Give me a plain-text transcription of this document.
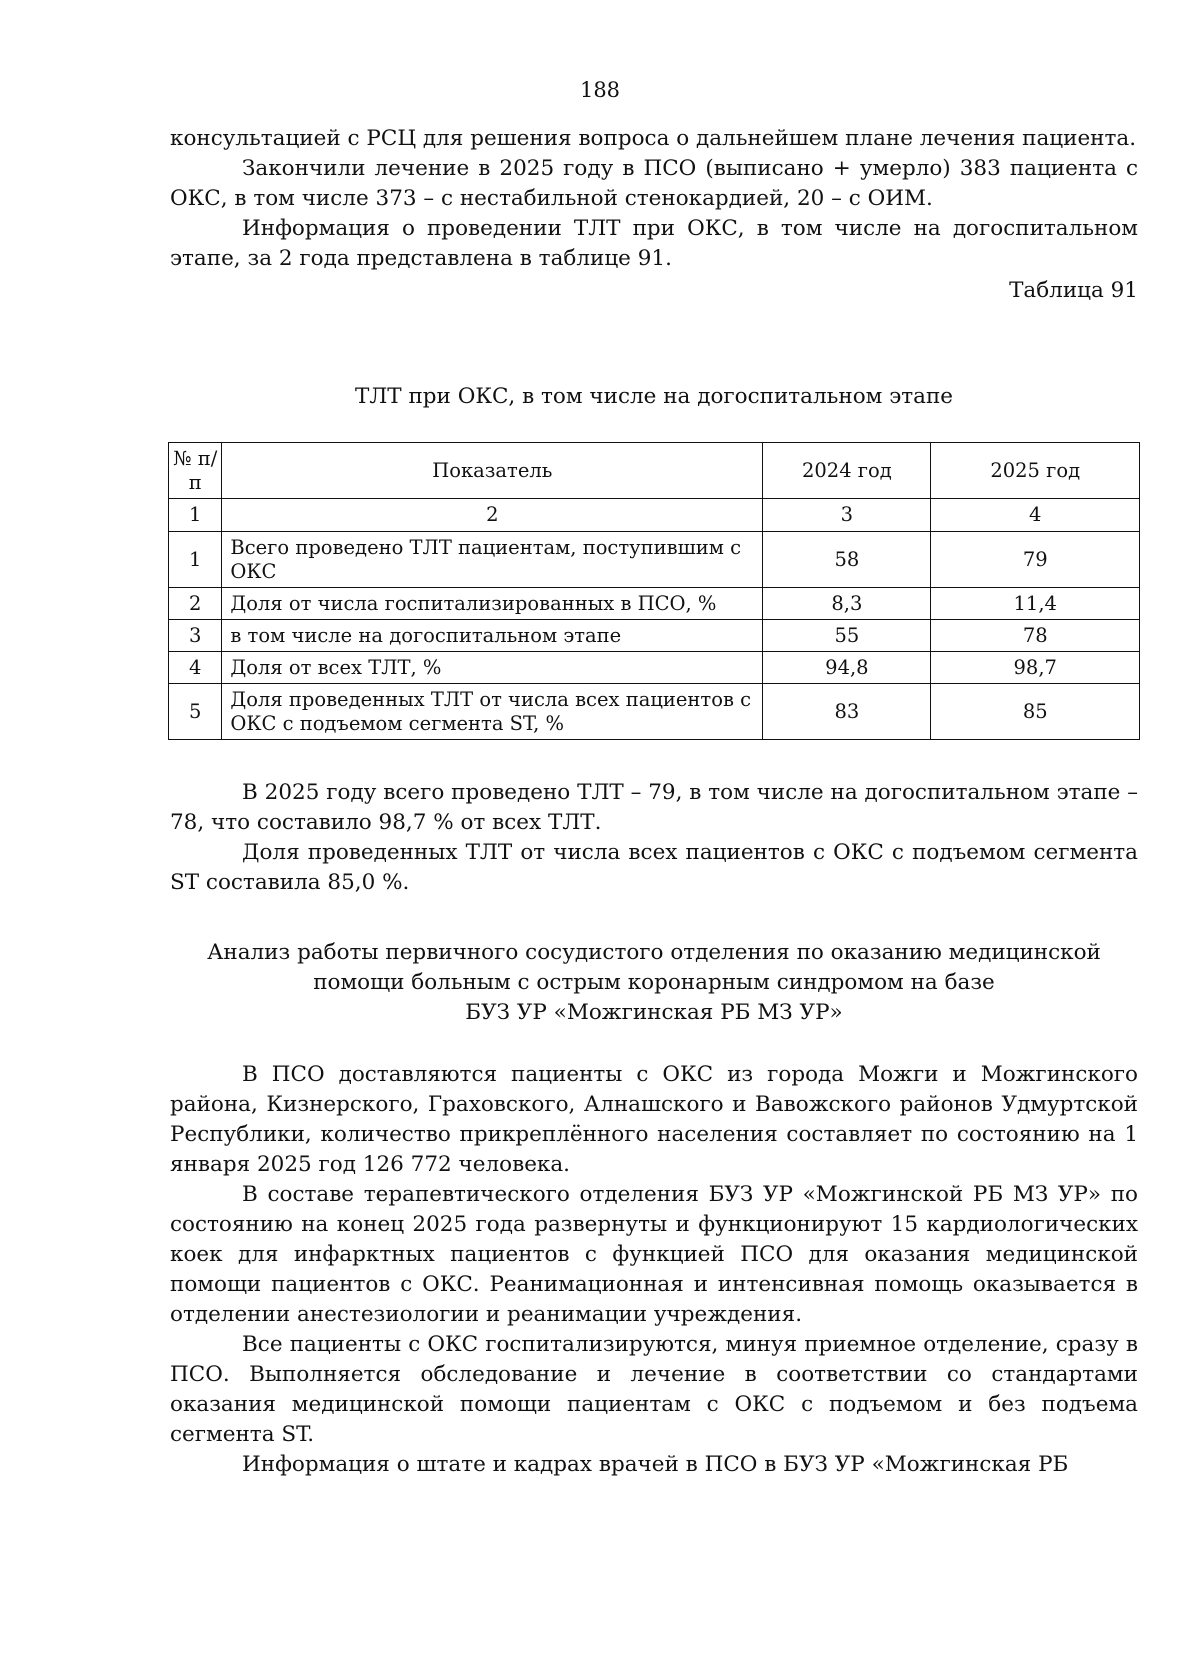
188

консультацией с РСЦ для решения вопроса о дальнейшем плане лечения пациента.

Закончили лечение в 2025 году в ПСО (выписано + умерло) 383 пациента с ОКС, в том числе 373 – с нестабильной стенокардией, 20 – с ОИМ.

Информация о проведении ТЛТ при ОКС, в том числе на догоспитальном этапе, за 2 года представлена в таблице 91.

Таблица 91

ТЛТ при ОКС, в том числе на догоспитальном этапе
№ п/п	Показатель	2024 год	2025 год
1	2	3	4
1	Всего проведено ТЛТ пациентам, поступившим с ОКС	58	79
2	Доля от числа госпитализированных в ПСО, %	8,3	11,4
3	в том числе на догоспитальном этапе	55	78
4	Доля от всех ТЛТ, %	94,8	98,7
5	Доля проведенных ТЛТ от числа всех пациентов с ОКС с подъемом сегмента ST, %	83	85

В 2025 году всего проведено ТЛТ – 79, в том числе на догоспитальном этапе – 78, что составило 98,7 % от всех ТЛТ.

Доля проведенных ТЛТ от числа всех пациентов с ОКС с подъемом сегмента ST составила 85,0 %.

Анализ работы первичного сосудистого отделения по оказанию медицинской
помощи больным с острым коронарным синдромом на базе
БУЗ УР «Можгинская РБ МЗ УР»

В ПСО доставляются пациенты с ОКС из города Можги и Можгинского района, Кизнерского, Граховского, Алнашского и Вавожского районов Удмуртской Республики, количество прикреплённого населения составляет по состоянию на 1 января 2025 год 126 772 человека.

В составе терапевтического отделения БУЗ УР «Можгинской РБ МЗ УР» по состоянию на конец 2025 года развернуты и функционируют 15 кардиологических коек для инфарктных пациентов с функцией ПСО для оказания медицинской помощи пациентов с ОКС. Реанимационная и интенсивная помощь оказывается в отделении анестезиологии и реанимации учреждения.

Все пациенты с ОКС госпитализируются, минуя приемное отделение, сразу в ПСО. Выполняется обследование и лечение в соответствии со стандартами оказания медицинской помощи пациентам с ОКС с подъемом и без подъема сегмента ST.

Информация о штате и кадрах врачей в ПСО в БУЗ УР «Можгинская РБ
